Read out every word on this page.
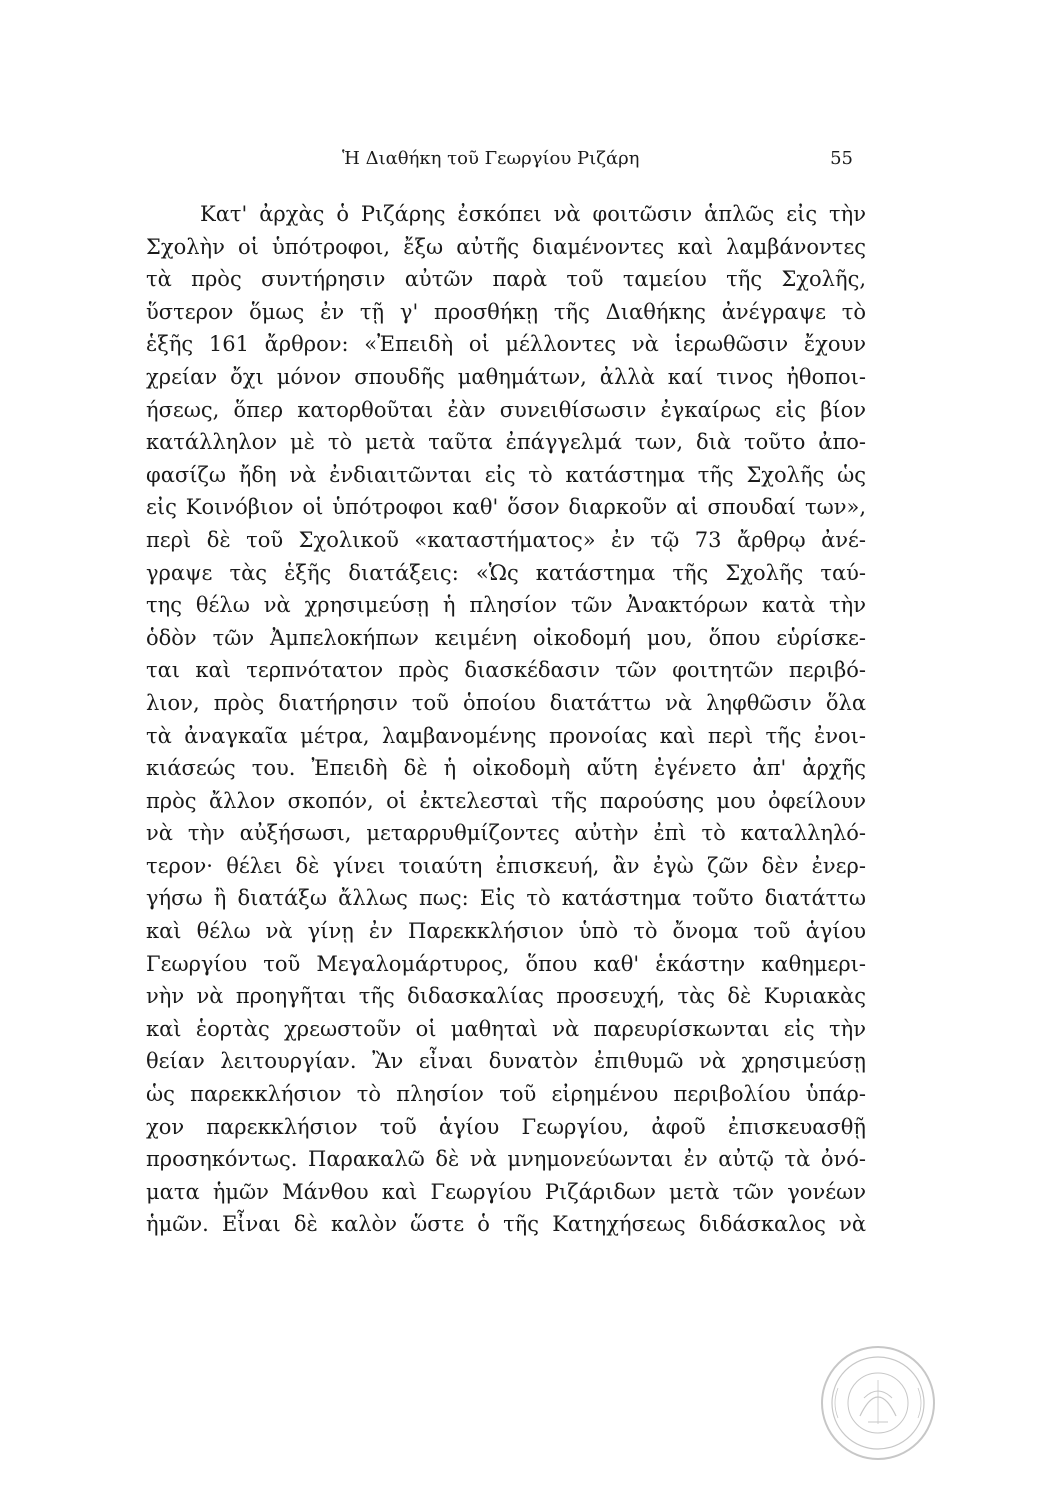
Ἡ Διαθήκη τοῦ Γεωργίου Ριζάρη	55
Κατ' ἀρχὰς ὁ Ριζάρης ἐσκόπει νὰ φοιτῶσιν ἁπλῶς εἰς τὴν
Σχολὴν οἱ ὑπότροφοι, ἔξω αὐτῆς διαμένοντες καὶ λαμβάνοντες
τὰ πρὸς συντήρησιν αὐτῶν παρὰ τοῦ ταμείου τῆς Σχολῆς,
ὕστερον ὅμως ἐν τῇ γ' προσθήκῃ τῆς Διαθήκης ἀνέγραψε τὸ
ἑξῆς 161 ἄρθρον: «Ἐπειδὴ οἱ μέλλοντες νὰ ἱερωθῶσιν ἔχουν
χρείαν ὄχι μόνον σπουδῆς μαθημάτων, ἀλλὰ καί τινος ἠθοποι-
ήσεως, ὅπερ κατορθοῦται ἐὰν συνειθίσωσιν ἐγκαίρως εἰς βίον
κατάλληλον μὲ τὸ μετὰ ταῦτα ἐπάγγελμά των, διὰ τοῦτο ἀπο-
φασίζω ἤδη νὰ ἐνδιαιτῶνται εἰς τὸ κατάστημα τῆς Σχολῆς ὡς
εἰς Κοινόβιον οἱ ὑπότροφοι καθ' ὅσον διαρκοῦν αἱ σπουδαί των»,
περὶ δὲ τοῦ Σχολικοῦ «καταστήματος» ἐν τῷ 73 ἄρθρῳ ἀνέ-
γραψε τὰς ἑξῆς διατάξεις: «Ὡς κατάστημα τῆς Σχολῆς ταύ-
της θέλω νὰ χρησιμεύσῃ ἡ πλησίον τῶν Ἀνακτόρων κατὰ τὴν
ὁδὸν τῶν Ἀμπελοκήπων κειμένη οἰκοδομή μου, ὅπου εὑρίσκε-
ται καὶ τερπνότατον πρὸς διασκέδασιν τῶν φοιτητῶν περιβό-
λιον, πρὸς διατήρησιν τοῦ ὁποίου διατάττω νὰ ληφθῶσιν ὅλα
τὰ ἀναγκαῖα μέτρα, λαμβανομένης προνοίας καὶ περὶ τῆς ἐνοι-
κιάσεώς του. Ἐπειδὴ δὲ ἡ οἰκοδομὴ αὕτη ἐγένετο ἀπ' ἀρχῆς
πρὸς ἄλλον σκοπόν, οἱ ἐκτελεσταὶ τῆς παρούσης μου ὀφείλουν
νὰ τὴν αὐξήσωσι, μεταρρυθμίζοντες αὐτὴν ἐπὶ τὸ καταλληλό-
τερον· θέλει δὲ γίνει τοιαύτη ἐπισκευή, ἂν ἐγὼ ζῶν δὲν ἐνερ-
γήσω ἢ διατάξω ἄλλως πως: Εἰς τὸ κατάστημα τοῦτο διατάττω
καὶ θέλω νὰ γίνῃ ἐν Παρεκκλήσιον ὑπὸ τὸ ὄνομα τοῦ ἁγίου
Γεωργίου τοῦ Μεγαλομάρτυρος, ὅπου καθ' ἑκάστην καθημερι-
νὴν νὰ προηγῆται τῆς διδασκαλίας προσευχή, τὰς δὲ Κυριακὰς
καὶ ἑορτὰς χρεωστοῦν οἱ μαθηταὶ νὰ παρευρίσκωνται εἰς τὴν
θείαν λειτουργίαν. Ἂν εἶναι δυνατὸν ἐπιθυμῶ νὰ χρησιμεύσῃ
ὡς παρεκκλήσιον τὸ πλησίον τοῦ εἰρημένου περιβολίου ὑπάρ-
χον παρεκκλήσιον τοῦ ἁγίου Γεωργίου, ἀφοῦ ἐπισκευασθῇ
προσηκόντως. Παρακαλῶ δὲ νὰ μνημονεύωνται ἐν αὐτῷ τὰ ὀνό-
ματα ἡμῶν Μάνθου καὶ Γεωργίου Ριζάριδων μετὰ τῶν γονέων
ἡμῶν. Εἶναι δὲ καλὸν ὥστε ὁ τῆς Κατηχήσεως διδάσκαλος νὰ
